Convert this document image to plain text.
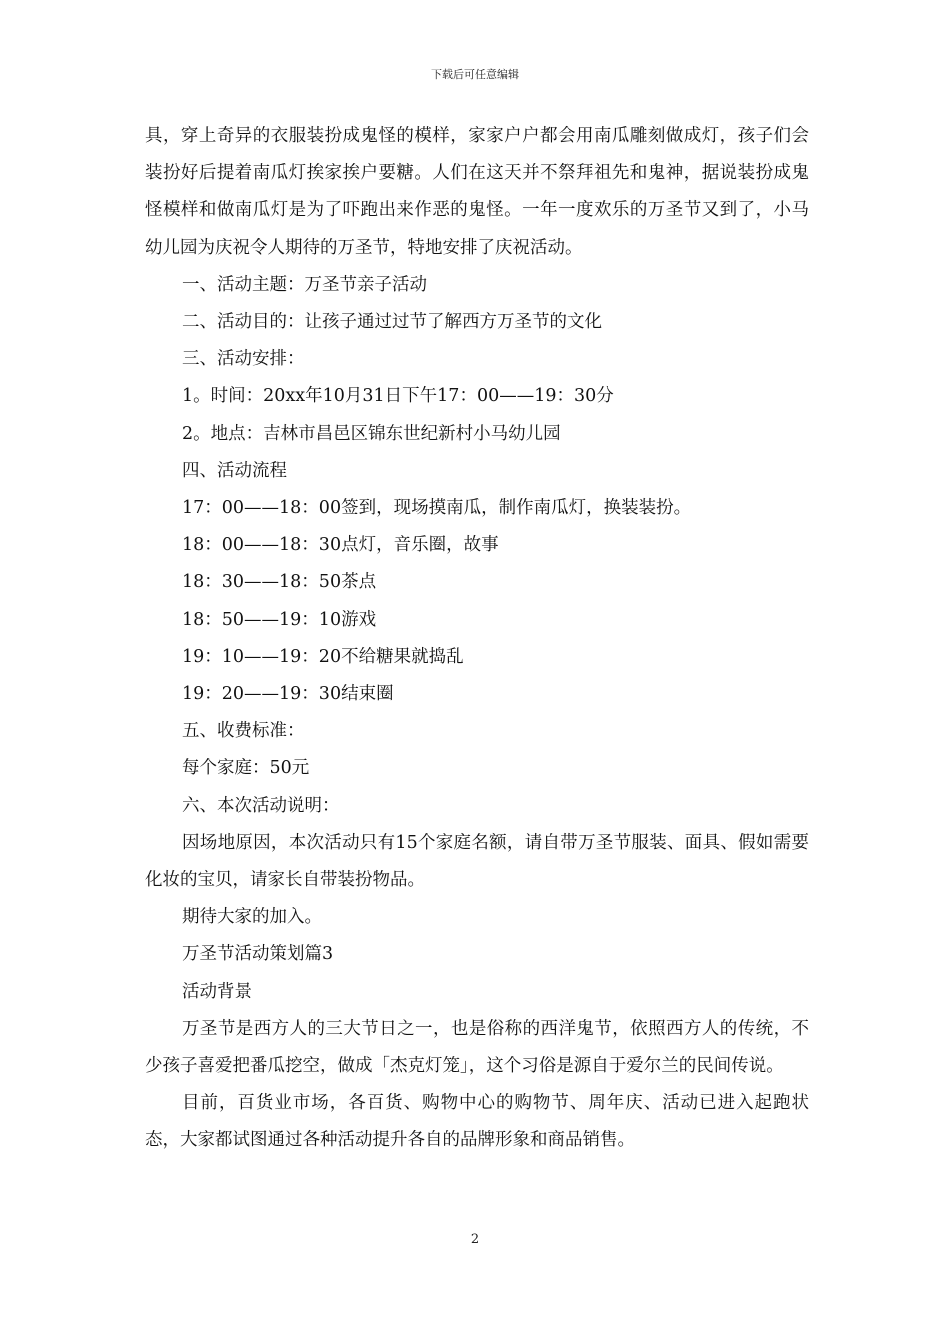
下载后可任意编辑

具，穿上奇异的衣服装扮成鬼怪的模样，家家户户都会用南瓜雕刻做成灯，孩子们会装扮好后提着南瓜灯挨家挨户要糖。人们在这天并不祭拜祖先和鬼神，据说装扮成鬼怪模样和做南瓜灯是为了吓跑出来作恶的鬼怪。一年一度欢乐的万圣节又到了，小马幼儿园为庆祝令人期待的万圣节，特地安排了庆祝活动。

一、活动主题：万圣节亲子活动

二、活动目的：让孩子通过过节了解西方万圣节的文化

三、活动安排：

1。时间：20xx年10月31日下午17：00——19：30分

2。地点：吉林市昌邑区锦东世纪新村小马幼儿园

四、活动流程

17：00——18：00签到，现场摸南瓜，制作南瓜灯，换装装扮。

18：00——18：30点灯，音乐圈，故事

18：30——18：50茶点

18：50——19：10游戏

19：10——19：20不给糖果就捣乱

19：20——19：30结束圈

五、收费标准：

每个家庭：50元

六、本次活动说明：

因场地原因，本次活动只有15个家庭名额，请自带万圣节服装、面具、假如需要化妆的宝贝，请家长自带装扮物品。

期待大家的加入。

万圣节活动策划篇3

活动背景

万圣节是西方人的三大节日之一，也是俗称的西洋鬼节，依照西方人的传统，不少孩子喜爱把番瓜挖空，做成「杰克灯笼」，这个习俗是源自于爱尔兰的民间传说。

目前，百货业市场，各百货、购物中心的购物节、周年庆、活动已进入起跑状态，大家都试图通过各种活动提升各自的品牌形象和商品销售。

2
